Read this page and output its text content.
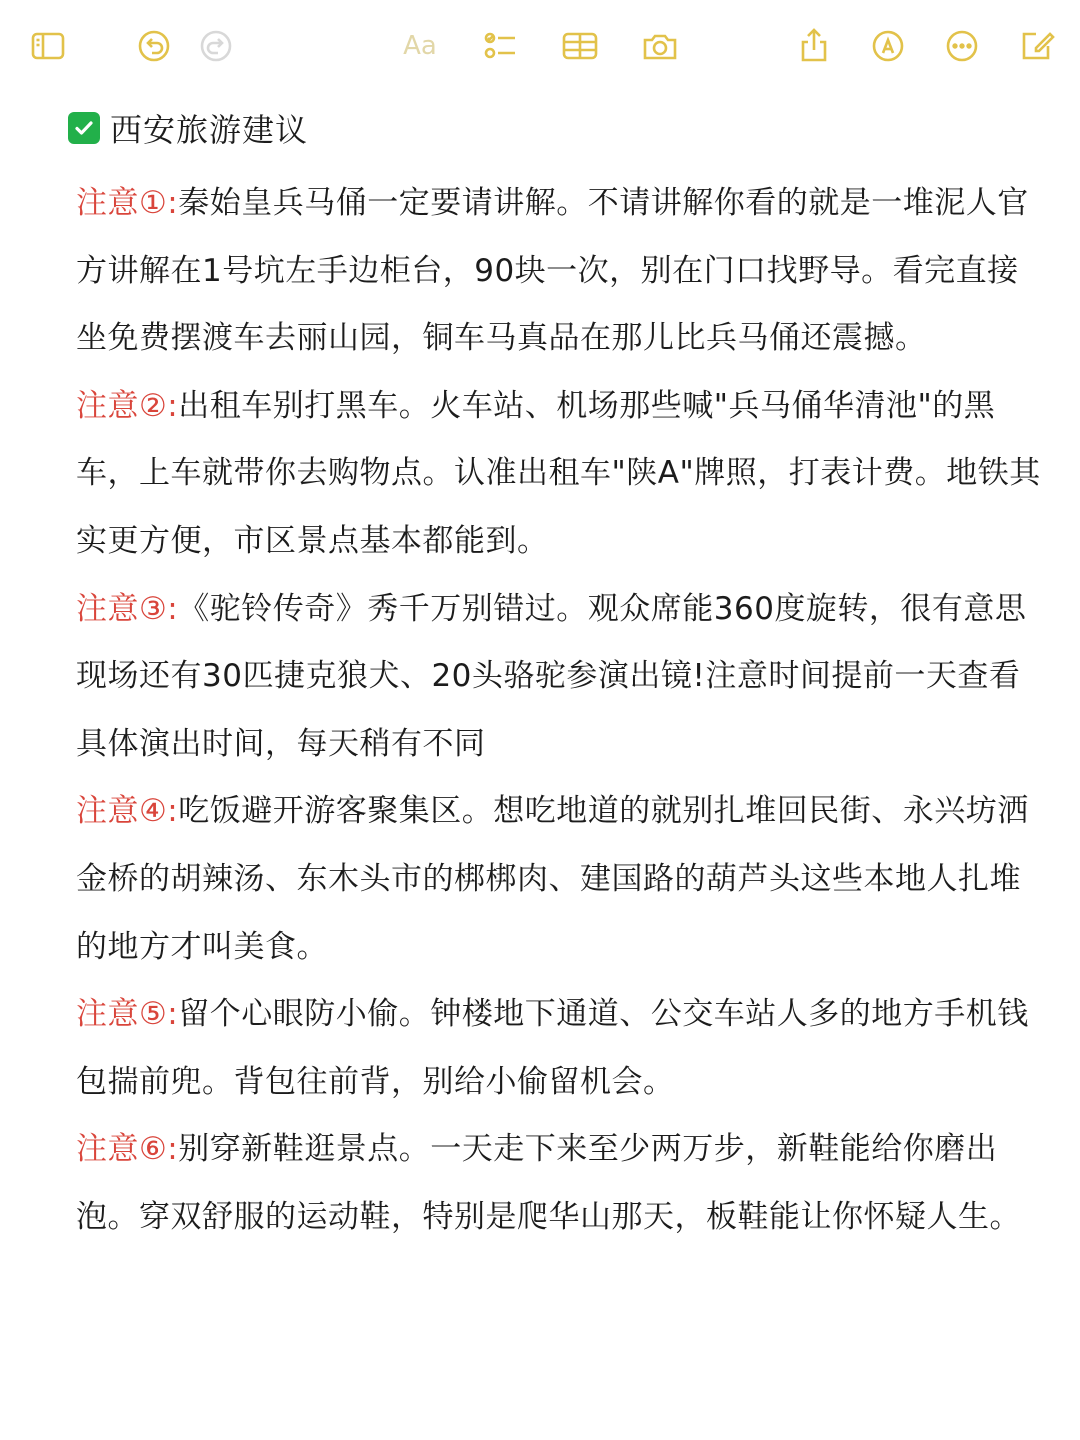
Aa
西安旅游建议

注意①:秦始皇兵马俑一定要请讲解。不请讲解你看的就是一堆泥人官方讲解在1号坑左手边柜台，90块一次，别在门口找野导。看完直接坐免费摆渡车去丽山园，铜车马真品在那儿比兵马俑还震撼。

注意②:出租车别打黑车。火车站、机场那些喊"兵马俑华清池"的黑车，上车就带你去购物点。认准出租车"陕A"牌照，打表计费。地铁其实更方便，市区景点基本都能到。

注意③:《驼铃传奇》秀千万别错过。观众席能360度旋转，很有意思现场还有30匹捷克狼犬、20头骆驼参演出镜!注意时间提前一天查看具体演出时间，每天稍有不同

注意④:吃饭避开游客聚集区。想吃地道的就别扎堆回民街、永兴坊洒金桥的胡辣汤、东木头市的梆梆肉、建国路的葫芦头这些本地人扎堆的地方才叫美食。

注意⑤:留个心眼防小偷。钟楼地下通道、公交车站人多的地方手机钱包揣前兜。背包往前背，别给小偷留机会。

注意⑥:别穿新鞋逛景点。一天走下来至少两万步，新鞋能给你磨出泡。穿双舒服的运动鞋，特别是爬华山那天，板鞋能让你怀疑人生。
